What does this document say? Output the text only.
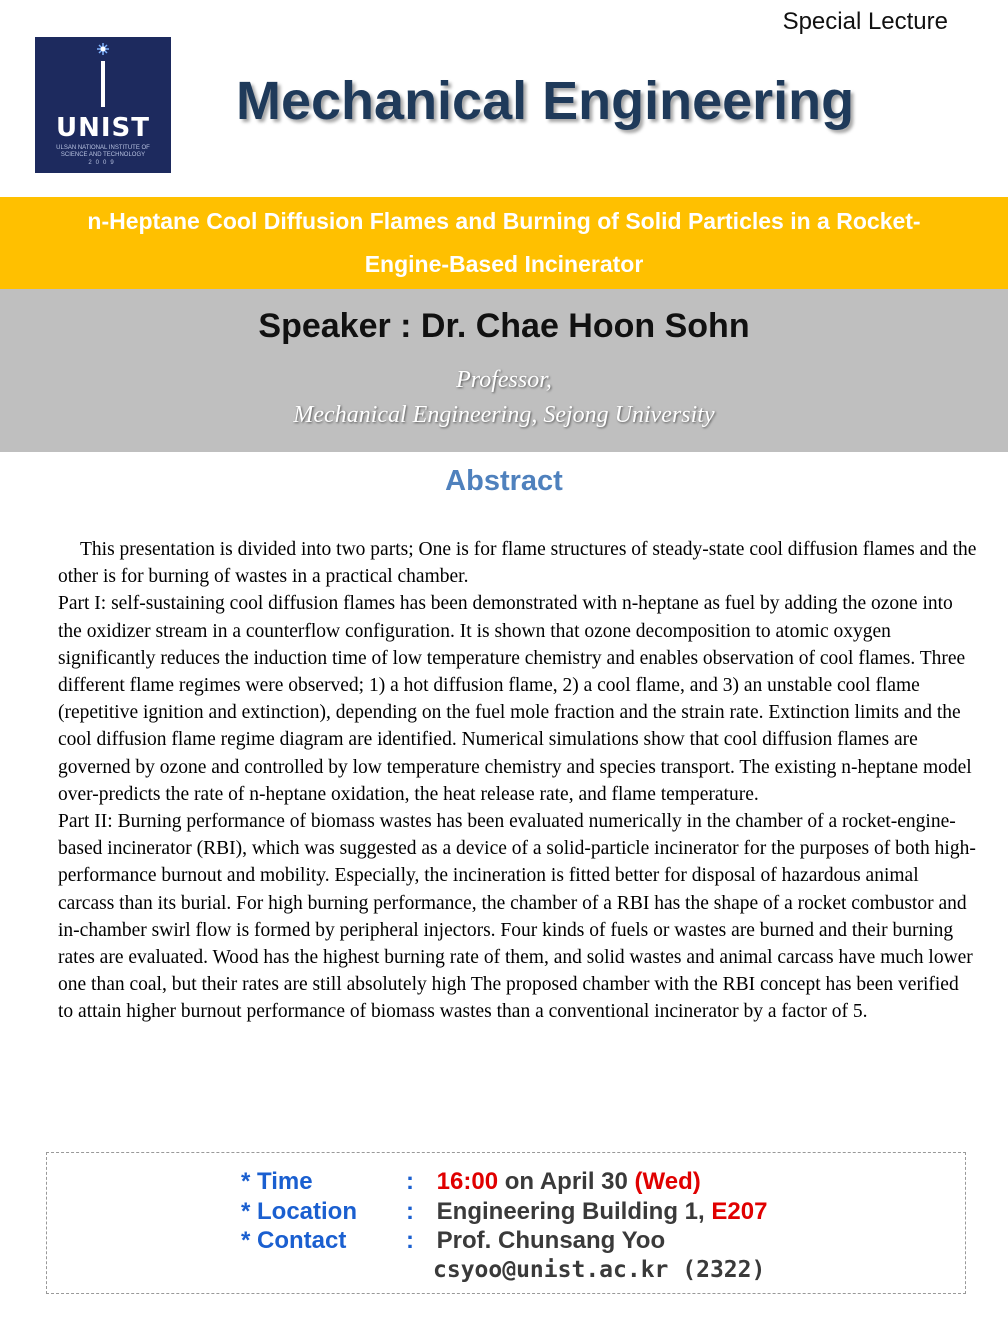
Special Lecture
UNIST
ULSAN NATIONAL INSTITUTE OF
SCIENCE AND TECHNOLOGY
2009
Mechanical Engineering
n-Heptane Cool Diffusion Flames and Burning of Solid Particles in a Rocket-
Engine-Based Incinerator
Speaker : Dr. Chae Hoon Sohn
Professor,
Mechanical Engineering, Sejong University
Abstract

This presentation is divided into two parts; One is for flame structures of steady-state cool diffusion flames and the other is for burning of wastes in a practical chamber.

Part I: self-sustaining cool diffusion flames has been demonstrated with n-heptane as fuel by adding the ozone into the oxidizer stream in a counterflow configuration. It is shown that ozone decomposition to atomic oxygen significantly reduces the induction time of low temperature chemistry and enables observation of cool flames. Three different flame regimes were observed; 1) a hot diffusion flame, 2) a cool flame, and 3) an unstable cool flame (repetitive ignition and extinction), depending on the fuel mole fraction and the strain rate. Extinction limits and the cool diffusion flame regime diagram are identified. Numerical simulations show that cool diffusion flames are governed by ozone and controlled by low temperature chemistry and species transport. The existing n-heptane model over-predicts the rate of n-heptane oxidation, the heat release rate, and flame temperature.

Part II: Burning performance of biomass wastes has been evaluated numerically in the chamber of a rocket-engine-based incinerator (RBI), which was suggested as a device of a solid-particle incinerator for the purposes of both high-performance burnout and mobility. Especially, the incineration is fitted better for disposal of hazardous animal carcass than its burial. For high burning performance, the chamber of a RBI has the shape of a rocket combustor and in-chamber swirl flow is formed by peripheral injectors. Four kinds of fuels or wastes are burned and their burning rates are evaluated. Wood has the highest burning rate of them, and solid wastes and animal carcass have much lower one than coal, but their rates are still absolutely high The proposed chamber with the RBI concept has been verified to attain higher burnout performance of biomass wastes than a conventional incinerator by a factor of 5.

* Time	: 16:00 on April 30 (Wed)
* Location : Engineering Building 1, E207
* Contact : Prof. Chunsang Yoo
csyoo@unist.ac.kr (2322)
